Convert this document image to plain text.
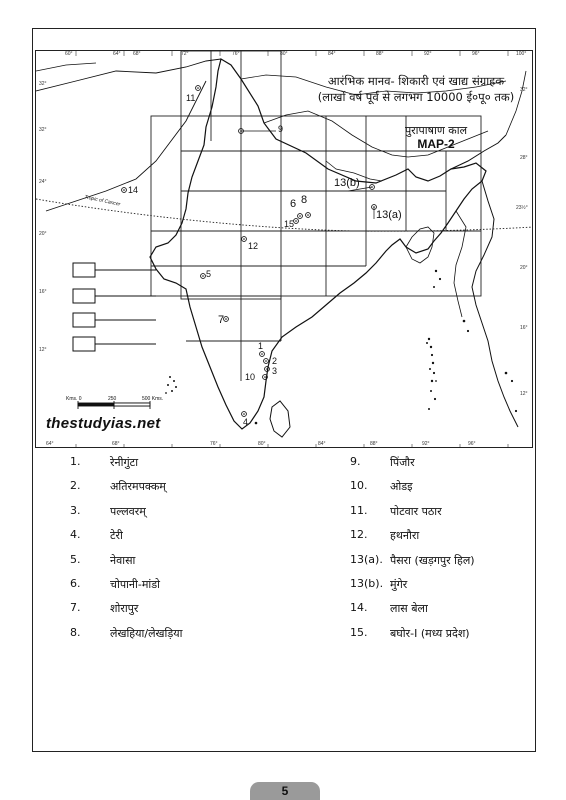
आरंभिक मानव- शिकारी एवं खाद्य संग्राहक
(लाखों वर्ष पूर्व से लगभग 10000 ई०पू० तक)
पुरापाषाण काल
MAP-2
Tropic of Cancer
1
2
3
4
5
6
7
8
9
10
11
12
13(b)
13(a)
14
15
60°	64° 68°	72°	76°	80°	84°	88°	92°	96°	100°
64°	68°	76°	80°	84°	88°	92°	96°
32°
32°
24°
20°
16°
12°
32°
28°
23½°
20°
16°
12°
Kms. 0	250	500 Kms.
thestudyias.net
1.	रेनीगुंटा
2.	अतिरमपक्कम्
3.	पल्लवरम्
4.	टेरी
5.	नेवासा
6.	चोपानी-मांडो
7.	शोरापुर
8.	लेखहिया/लेखड़िया
9.	पिंजौर
10.	ओडइ
11.	पोटवार पठार
12.	हथनौरा
13(a). पैसरा (खड़गपुर हिल)
13(b). मुंगेर
14.	लास बेला
15.	बघोर-I (मध्य प्रदेश)
5
